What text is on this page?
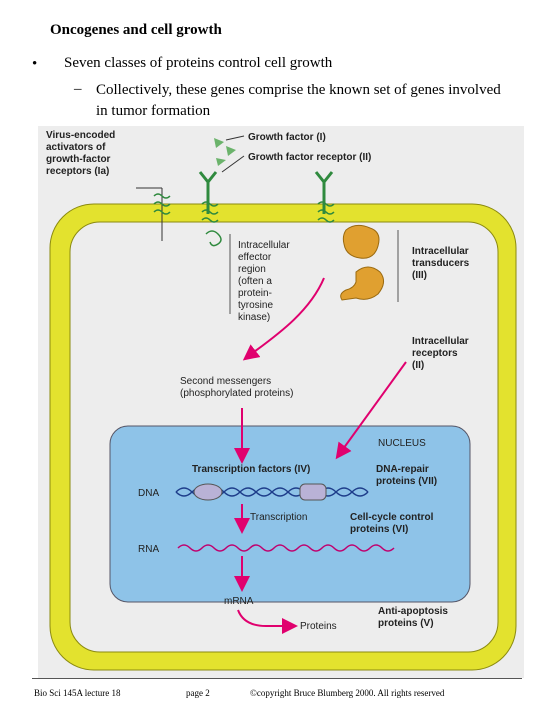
Oncogenes and cell growth
• Seven classes of proteins control cell growth
– Collectively, these genes comprise the known set of genes involved in tumor formation
Virus-encoded
activators of
growth-factor
receptors (Ia)
Growth factor (I)
Growth factor receptor (II)
Intracellular
effector
region
(often a
protein-
tyrosine
kinase)
Intracellular
transducers
(III)
Intracellular
receptors
(II)
Second messengers
(phosphorylated proteins)
NUCLEUS
Transcription factors (IV)	DNA-repair
proteins (VII)
DNA
Transcription	Cell-cycle control
proteins (VI)
RNA
mRNA
Proteins
Anti-apoptosis
proteins (V)
Bio Sci 145A lecture 18	page 2	©copyright Bruce Blumberg 2000. All rights reserved
